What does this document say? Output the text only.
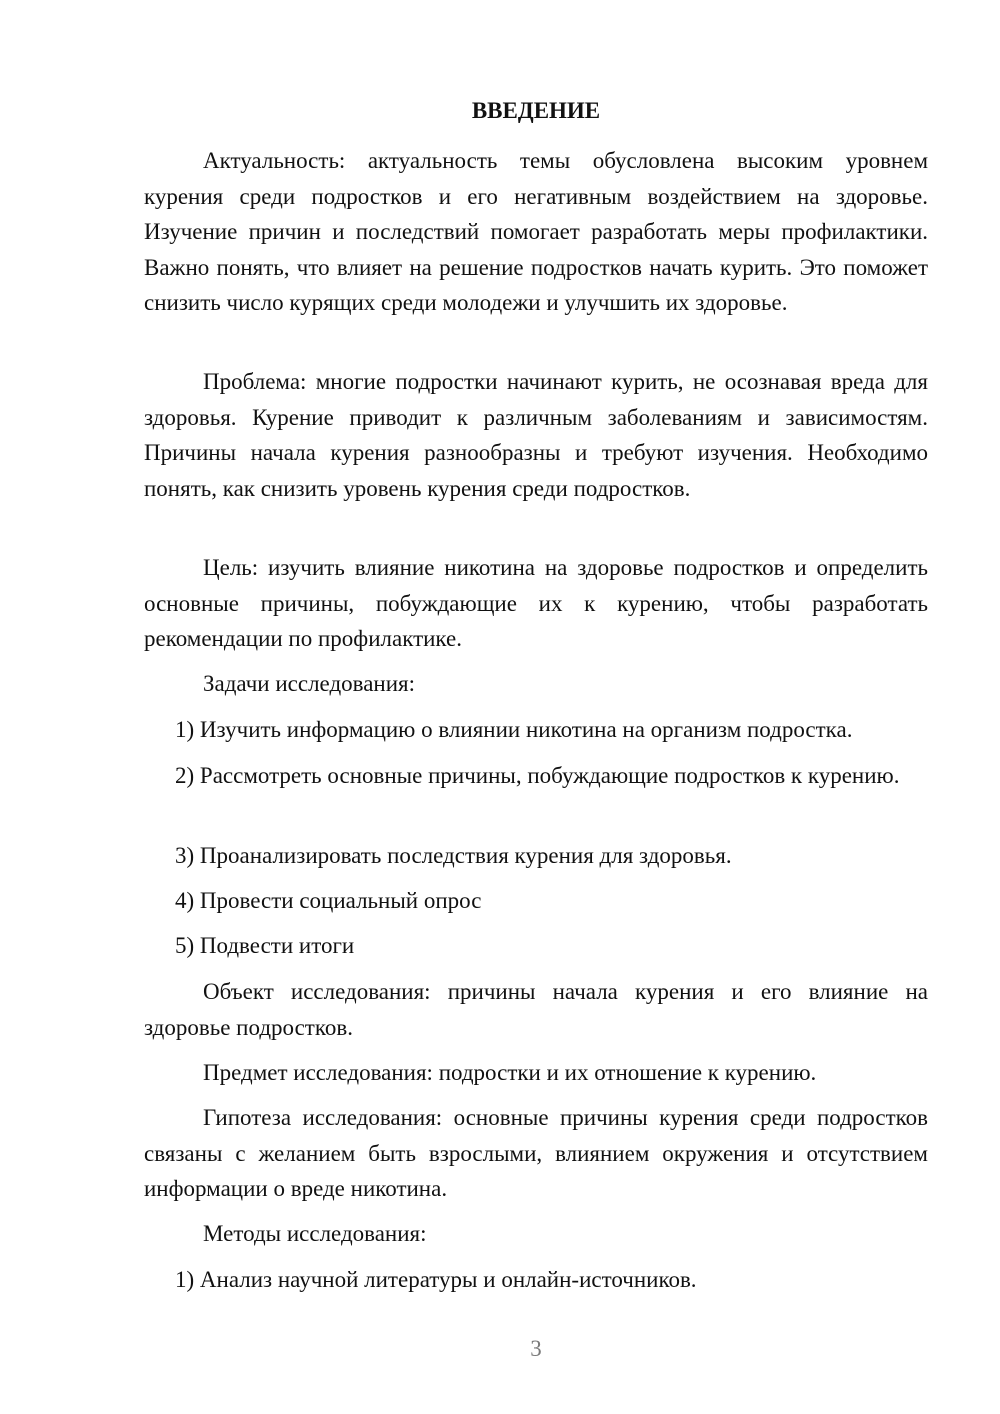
ВВЕДЕНИЕ

Актуальность: актуальность темы обусловлена высоким уровнем курения среди подростков и его негативным воздействием на здоровье. Изучение причин и последствий помогает разработать меры профилактики. Важно понять, что влияет на решение подростков начать курить. Это поможет снизить число курящих среди молодежи и улучшить их здоровье.

Проблема: многие подростки начинают курить, не осознавая вреда для здоровья. Курение приводит к различным заболеваниям и зависимостям. Причины начала курения разнообразны и требуют изучения. Необходимо понять, как снизить уровень курения среди подростков.

Цель: изучить влияние никотина на здоровье подростков и определить основные причины, побуждающие их к курению, чтобы разработать рекомендации по профилактике.

Задачи исследования:

1) Изучить информацию о влиянии никотина на организм подростка.

2) Рассмотреть основные причины, побуждающие подростков к курению.

3) Проанализировать последствия курения для здоровья.

4) Провести социальный опрос

5) Подвести итоги

Объект исследования: причины начала курения и его влияние на здоровье подростков.

Предмет исследования: подростки и их отношение к курению.

Гипотеза исследования: основные причины курения среди подростков связаны с желанием быть взрослыми, влиянием окружения и отсутствием информации о вреде никотина.

Методы исследования:

1) Анализ научной литературы и онлайн-источников.

3
